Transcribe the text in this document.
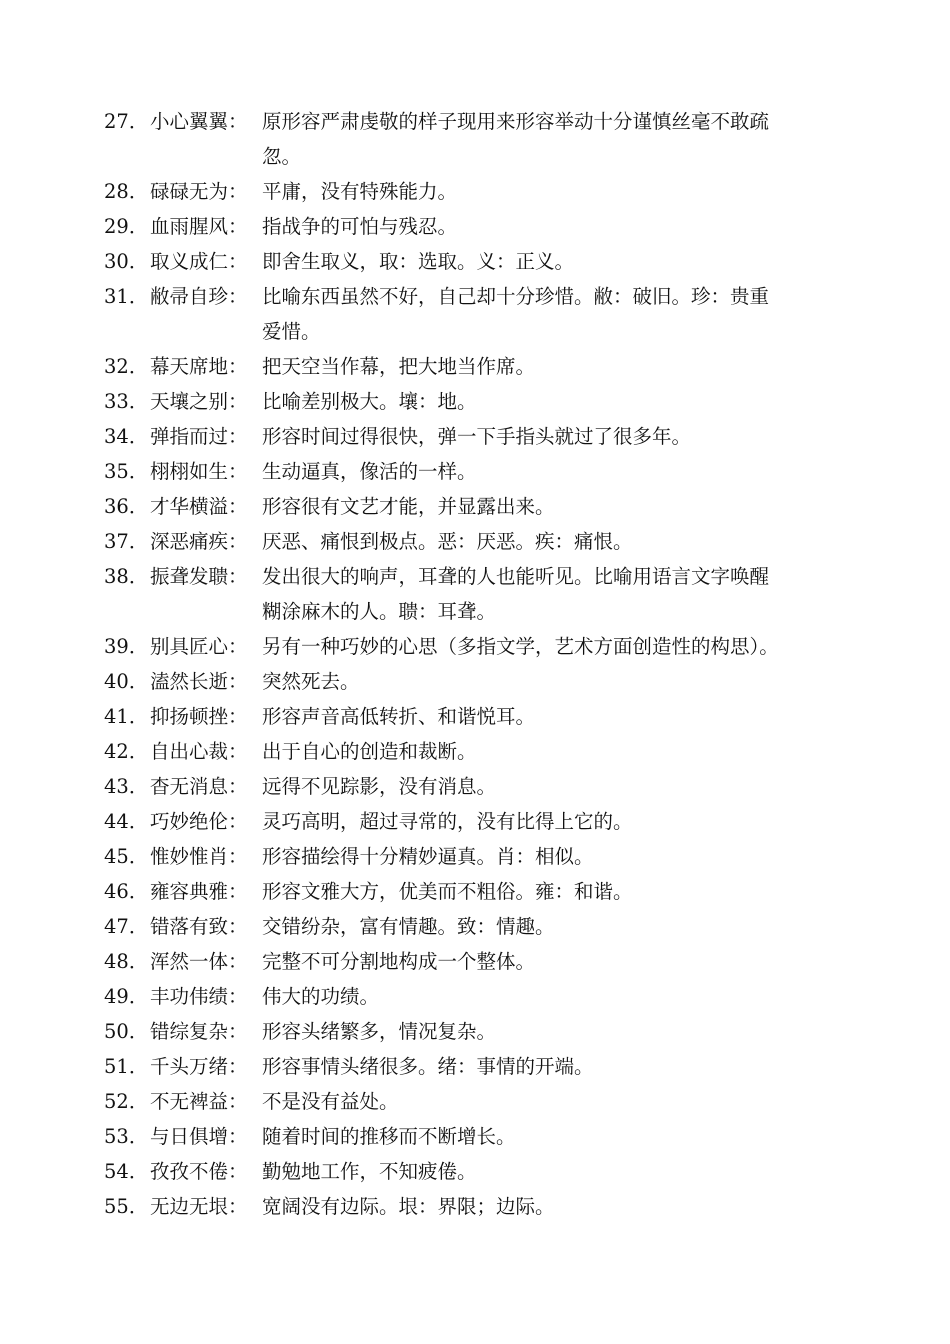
27． 小心翼翼： 原形容严肃虔敬的样子现用来形容举动十分谨慎丝毫不敢疏
忽。
28． 碌碌无为： 平庸，没有特殊能力。
29． 血雨腥风： 指战争的可怕与残忍。
30． 取义成仁： 即舍生取义，取：选取。义：正义。
31． 敝帚自珍： 比喻东西虽然不好，自己却十分珍惜。敝：破旧。珍：贵重
爱惜。
32． 幕天席地： 把天空当作幕，把大地当作席。
33． 天壤之别： 比喻差别极大。壤：地。
34． 弹指而过： 形容时间过得很快，弹一下手指头就过了很多年。
35． 栩栩如生： 生动逼真，像活的一样。
36． 才华横溢： 形容很有文艺才能，并显露出来。
37． 深恶痛疾： 厌恶、痛恨到极点。恶：厌恶。疾：痛恨。
38． 振聋发聩： 发出很大的响声，耳聋的人也能听见。比喻用语言文字唤醒
糊涂麻木的人。聩：耳聋。
39． 别具匠心： 另有一种巧妙的心思（多指文学，艺术方面创造性的构思）。
40． 溘然长逝： 突然死去。
41． 抑扬顿挫： 形容声音高低转折、和谐悦耳。
42． 自出心裁： 出于自心的创造和裁断。
43． 杳无消息： 远得不见踪影，没有消息。
44． 巧妙绝伦： 灵巧高明，超过寻常的，没有比得上它的。
45． 惟妙惟肖： 形容描绘得十分精妙逼真。肖：相似。
46． 雍容典雅： 形容文雅大方，优美而不粗俗。雍：和谐。
47． 错落有致： 交错纷杂，富有情趣。致：情趣。
48． 浑然一体： 完整不可分割地构成一个整体。
49． 丰功伟绩： 伟大的功绩。
50． 错综复杂： 形容头绪繁多，情况复杂。
51． 千头万绪： 形容事情头绪很多。绪：事情的开端。
52． 不无裨益： 不是没有益处。
53． 与日俱增： 随着时间的推移而不断增长。
54． 孜孜不倦： 勤勉地工作，不知疲倦。
55． 无边无垠： 宽阔没有边际。垠：界限；边际。
